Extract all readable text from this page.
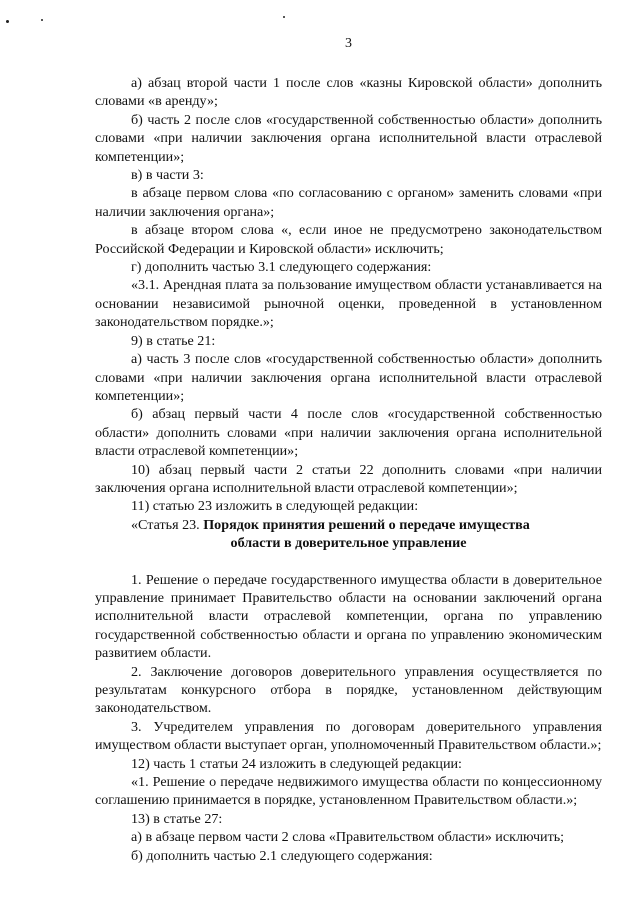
3

а) абзац второй части 1 после слов «казны Кировской области» дополнить словами «в аренду»;

б) часть 2 после слов «государственной собственностью области» дополнить словами «при наличии заключения органа исполнительной власти отраслевой компетенции»;

в) в части 3:

в абзаце первом слова «по согласованию с органом» заменить словами «при наличии заключения органа»;

в абзаце втором слова «, если иное не предусмотрено законодательством Российской Федерации и Кировской области» исключить;

г) дополнить частью 3.1 следующего содержания:

«3.1. Арендная плата за пользование имуществом области устанавливается на основании независимой рыночной оценки, проведенной в установленном законодательством порядке.»;

9) в статье 21:

а) часть 3 после слов «государственной собственностью области» дополнить словами «при наличии заключения органа исполнительной власти отраслевой компетенции»;

б) абзац первый части 4 после слов «государственной собственностью области» дополнить словами «при наличии заключения органа исполнительной власти отраслевой компетенции»;

10) абзац первый части 2 статьи 22 дополнить словами «при наличии заключения органа исполнительной власти отраслевой компетенции»;

11) статью 23 изложить в следующей редакции:

«Статья 23. Порядок принятия решений о передаче имущества
области в доверительное управление

1. Решение о передаче государственного имущества области в доверительное управление принимает Правительство области на основании заключений органа исполнительной власти отраслевой компетенции, органа по управлению государственной собственностью области и органа по управлению экономическим развитием области.

2. Заключение договоров доверительного управления осуществляется по результатам конкурсного отбора в порядке, установленном действующим законодательством.

3. Учредителем управления по договорам доверительного управления имуществом области выступает орган, уполномоченный Правительством области.»;

12) часть 1 статьи 24 изложить в следующей редакции:

«1. Решение о передаче недвижимого имущества области по концессионному соглашению принимается в порядке, установленном Правительством области.»;

13) в статье 27:

а) в абзаце первом части 2 слова «Правительством области» исключить;

б) дополнить частью 2.1 следующего содержания:
